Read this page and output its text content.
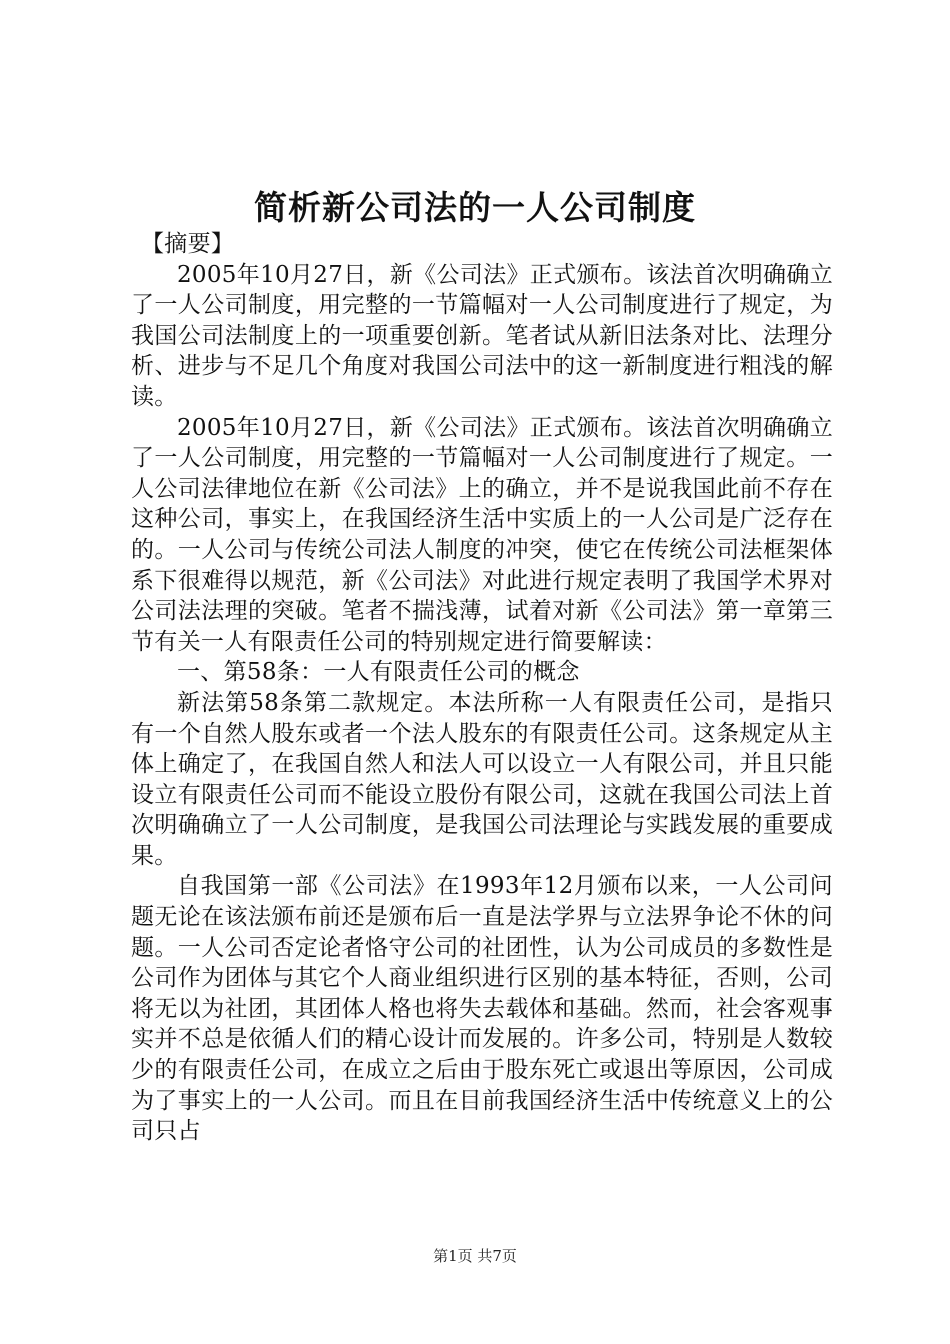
简析新公司法的一人公司制度

【摘要】

2005年10月27日，新《公司法》正式颁布。该法首次明确确立了一人公司制度，用完整的一节篇幅对一人公司制度进行了规定，为我国公司法制度上的一项重要创新。笔者试从新旧法条对比、法理分析、进步与不足几个角度对我国公司法中的这一新制度进行粗浅的解读。

2005年10月27日，新《公司法》正式颁布。该法首次明确确立了一人公司制度，用完整的一节篇幅对一人公司制度进行了规定。一人公司法律地位在新《公司法》上的确立，并不是说我国此前不存在这种公司，事实上，在我国经济生活中实质上的一人公司是广泛存在的。一人公司与传统公司法人制度的冲突，使它在传统公司法框架体系下很难得以规范，新《公司法》对此进行规定表明了我国学术界对公司法法理的突破。笔者不揣浅薄，试着对新《公司法》第一章第三节有关一人有限责任公司的特别规定进行简要解读：

一、第58条：一人有限责任公司的概念

新法第58条第二款规定。本法所称一人有限责任公司，是指只有一个自然人股东或者一个法人股东的有限责任公司。这条规定从主体上确定了，在我国自然人和法人可以设立一人有限公司，并且只能设立有限责任公司而不能设立股份有限公司，这就在我国公司法上首次明确确立了一人公司制度，是我国公司法理论与实践发展的重要成果。

自我国第一部《公司法》在1993年12月颁布以来，一人公司问题无论在该法颁布前还是颁布后一直是法学界与立法界争论不休的问题。一人公司否定论者恪守公司的社团性，认为公司成员的多数性是公司作为团体与其它个人商业组织进行区别的基本特征，否则，公司将无以为社团，其团体人格也将失去载体和基础。然而，社会客观事实并不总是依循人们的精心设计而发展的。许多公司，特别是人数较少的有限责任公司，在成立之后由于股东死亡或退出等原因，公司成为了事实上的一人公司。而且在目前我国经济生活中传统意义上的公司只占

第1页 共7页
